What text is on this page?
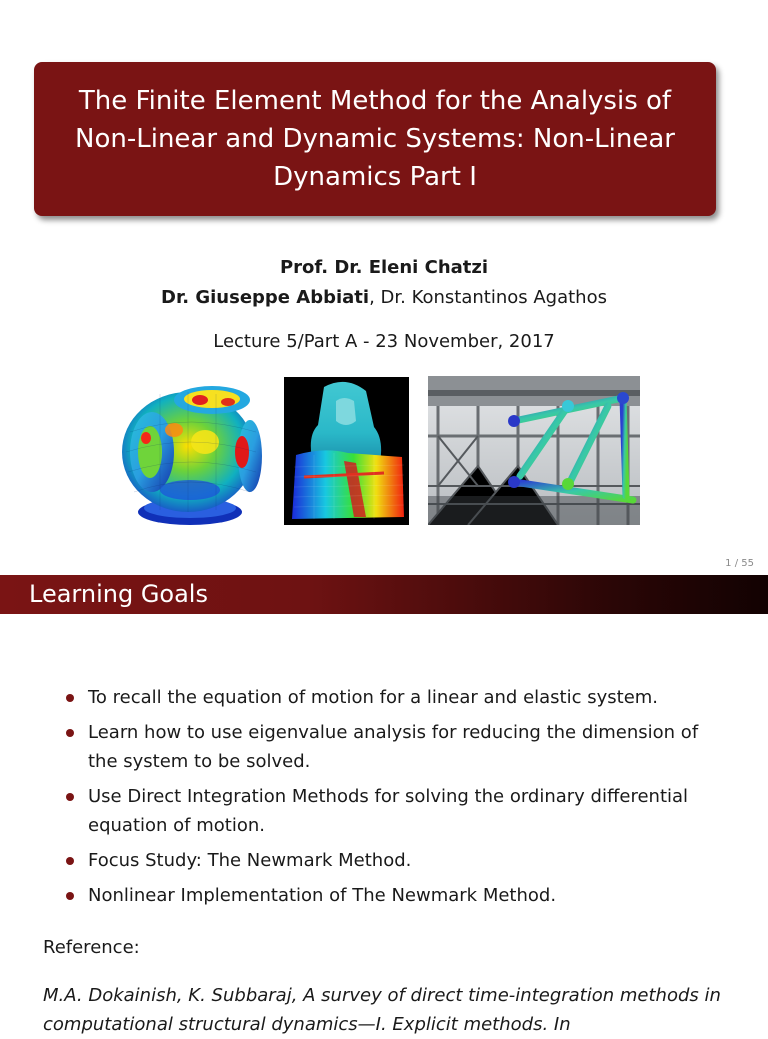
The Finite Element Method for the Analysis of Non-Linear and Dynamic Systems: Non-Linear Dynamics Part I
Prof. Dr. Eleni Chatzi
Dr. Giuseppe Abbiati, Dr. Konstantinos Agathos
Lecture 5/Part A - 23 November, 2017
1 / 55
Learning Goals
To recall the equation of motion for a linear and elastic system.
Learn how to use eigenvalue analysis for reducing the dimension of the system to be solved.
Use Direct Integration Methods for solving the ordinary differential equation of motion.
Focus Study: The Newmark Method.
Nonlinear Implementation of The Newmark Method.
Reference:
M.A. Dokainish, K. Subbaraj, A survey of direct time-integration methods in computational structural dynamics—I. Explicit methods. In
